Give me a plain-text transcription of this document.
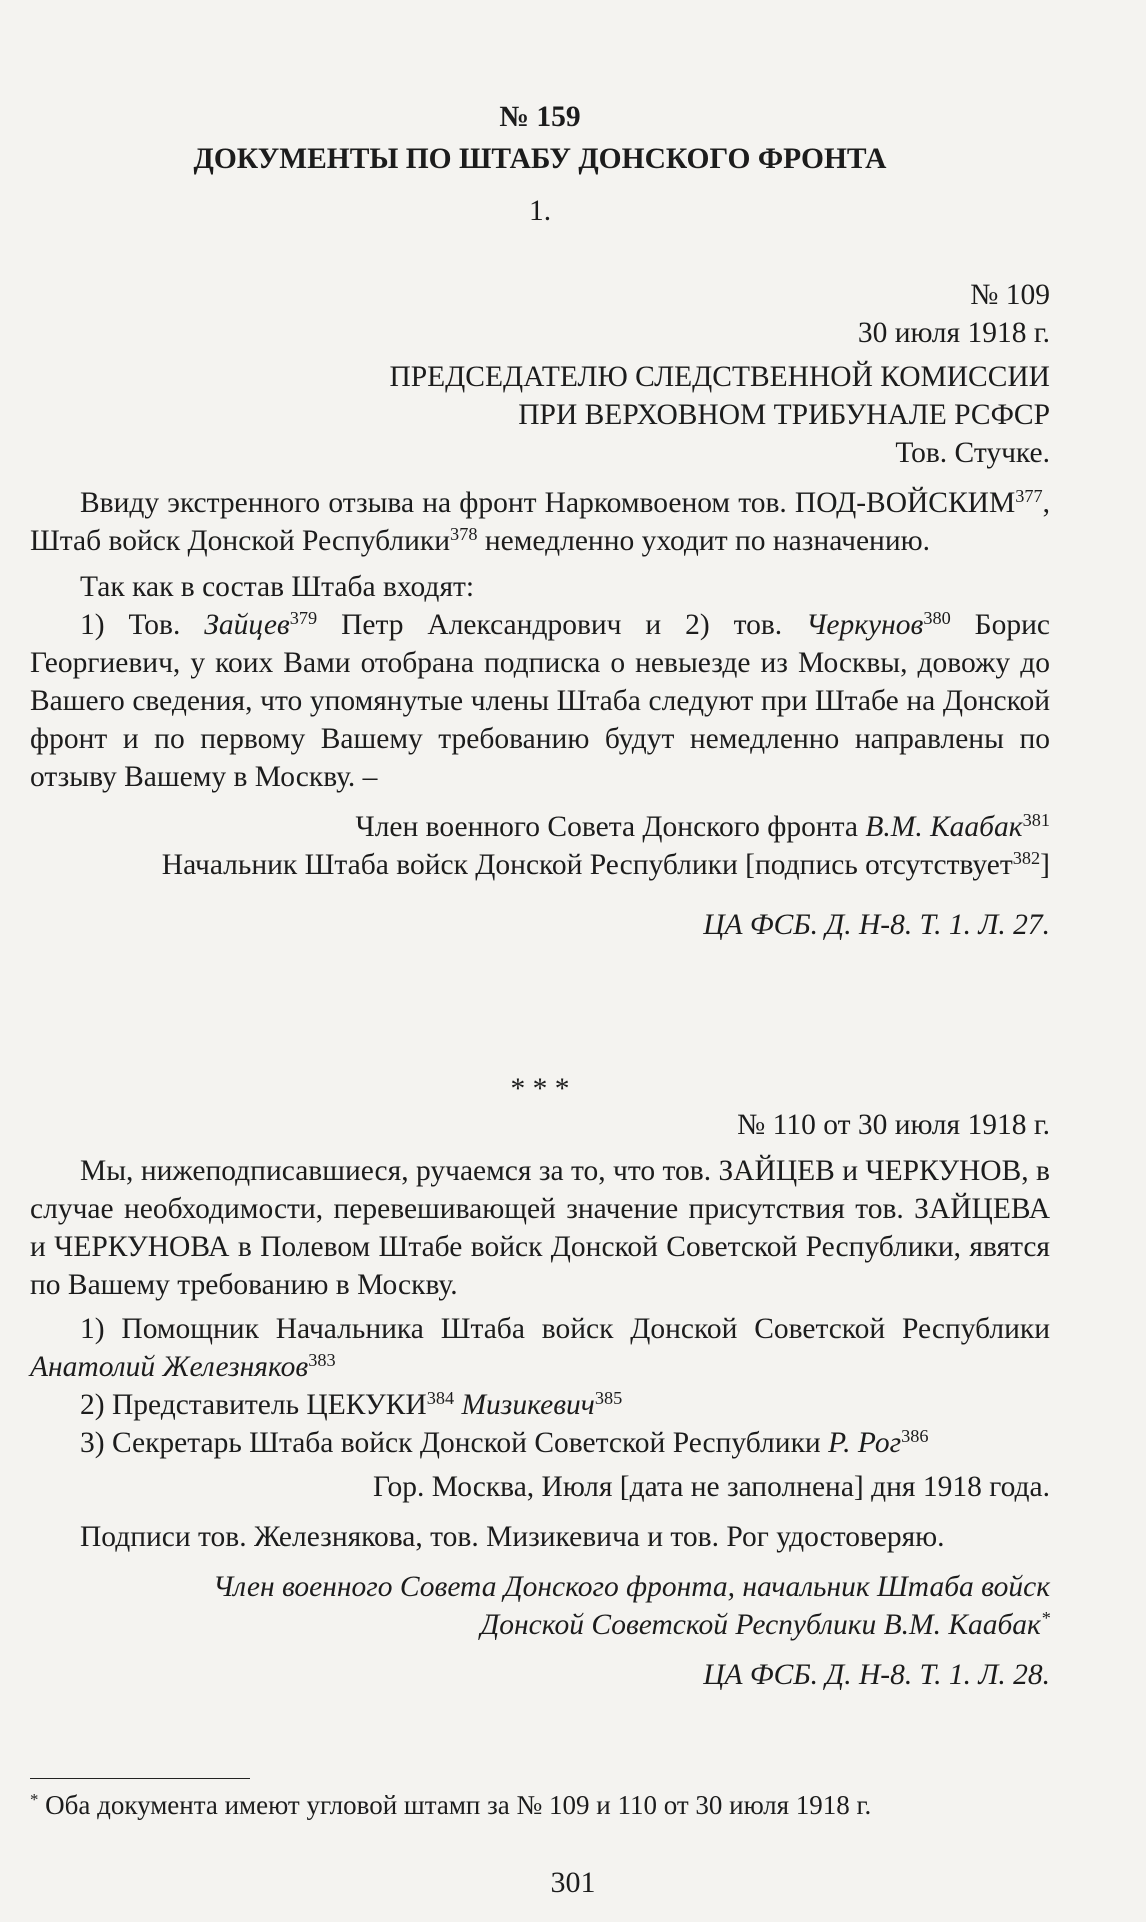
№ 159

ДОКУМЕНТЫ ПО ШТАБУ ДОНСКОГО ФРОНТА

1.

№ 109

30 июля 1918 г.

ПРЕДСЕДАТЕЛЮ СЛЕДСТВЕННОЙ КОМИССИИ

ПРИ ВЕРХОВНОМ ТРИБУНАЛЕ РСФСР

Тов. Стучке.

Ввиду экстренного отзыва на фронт Наркомвоеном тов. ПОД-ВОЙСКИМ$^{377}$, Штаб войск Донской Республики$^{378}$ немедленно уходит по назначению.

Так как в состав Штаба входят:

1) Тов. Зайцев$^{379}$ Петр Александрович и 2) тов. Черкунов$^{380}$ Борис Георгиевич, у коих Вами отобрана подписка о невыезде из Москвы, довожу до Вашего сведения, что упомянутые члены Штаба следуют при Штабе на Донской фронт и по первому Вашему требованию будут немедленно направлены по отзыву Вашему в Москву. –

Член военного Совета Донского фронта В.М. Каабак$^{381}$

Начальник Штаба войск Донской Республики [подпись отсутствует$^{382}$]

ЦА ФСБ. Д. Н-8. Т. 1. Л. 27.

* * *

№ 110 от 30 июля 1918 г.

Мы, нижеподписавшиеся, ручаемся за то, что тов. ЗАЙЦЕВ и ЧЕРКУНОВ, в случае необходимости, перевешивающей значение присутствия тов. ЗАЙЦЕВА и ЧЕРКУНОВА в Полевом Штабе войск Донской Советской Республики, явятся по Вашему требованию в Москву.

1) Помощник Начальника Штаба войск Донской Советской Республики Анатолий Железняков$^{383}$

2) Представитель ЦЕКУКИ$^{384}$ Мизикевич$^{385}$

3) Секретарь Штаба войск Донской Советской Республики Р. Рог$^{386}$

Гор. Москва, Июля [дата не заполнена] дня 1918 года.

Подписи тов. Железнякова, тов. Мизикевича и тов. Рог удостоверяю.

Член военного Совета Донского фронта, начальник Штаба войск

Донской Советской Республики В.М. Каабак*

ЦА ФСБ. Д. Н-8. Т. 1. Л. 28.

* Оба документа имеют угловой штамп за № 109 и 110 от 30 июля 1918 г.
301
